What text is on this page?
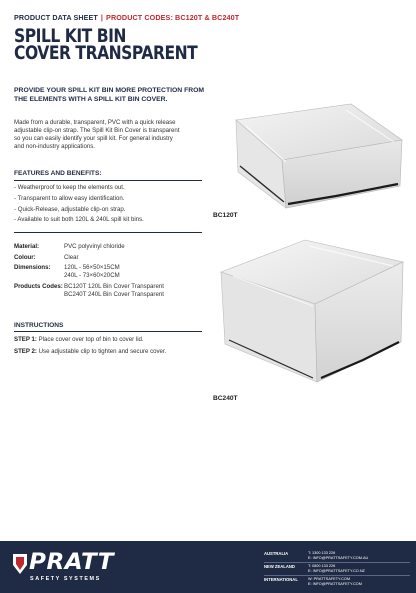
PRODUCT DATA SHEET | PRODUCT CODES: BC120T & BC240T
SPILL KIT BIN
COVER TRANSPARENT
PROVIDE YOUR SPILL KIT BIN MORE PROTECTION FROM
THE ELEMENTS WITH A SPILL KIT BIN COVER.
Made from a durable, transparent, PVC with a quick release
adjustable clip-on strap. The Spill Kit Bin Cover is transparent
so you can easily identify your spill kit. For general industry
and non-industry applications.
FEATURES AND BENEFITS:
- Weatherproof to keep the elements out.
- Transparent to allow easy identification.
- Quick-Release, adjustable clip-on strap.
- Available to suit both 120L & 240L spill kit bins.
Material:	PVC polyvinyl chloride
Colour:	Clear
Dimensions:	120L - 56×50×15CM
240L - 73×60×20CM
Products Codes: BC120T 120L Bin Cover Transparent
BC240T 240L Bin Cover Transparent
INSTRUCTIONS
STEP 1: Place cover over top of bin to cover lid.
STEP 2: Use adjustable clip to tighten and secure cover.
BC120T
BC240T
PRATT
SAFETY SYSTEMS
AUSTRALIA	T: 1300 133 226
E: INFO@PRATTSAFETY.COM.AU
NEW ZEALAND	T: 0800 133 226
E: INFO@PRATTSAFETY.CO.NZ
INTERNATIONAL	W: PRATTSAFETY.COM
E: INFO@PRATTSAFETY.COM
